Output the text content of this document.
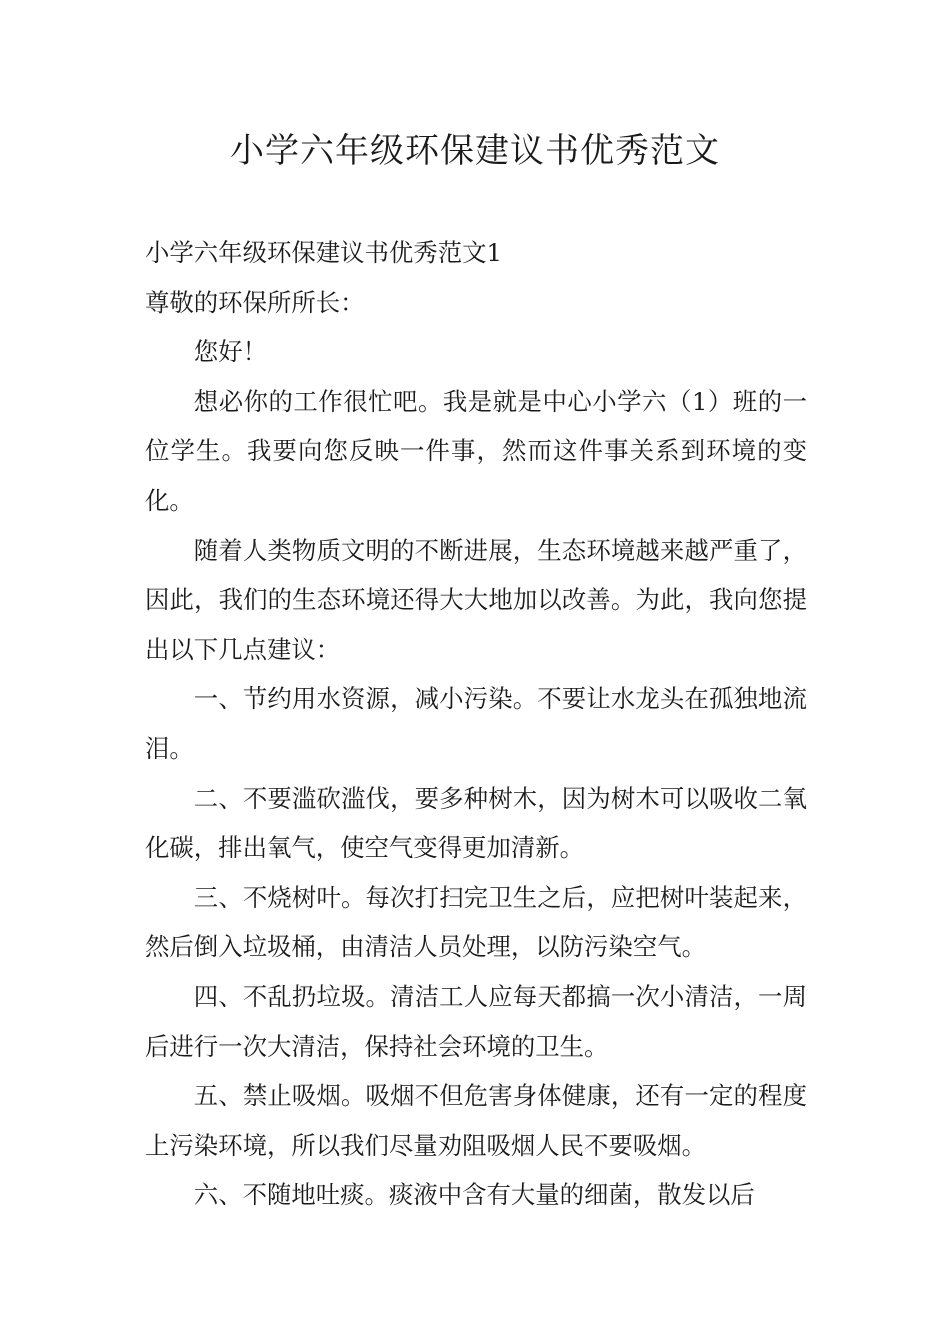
小学六年级环保建议书优秀范文

小学六年级环保建议书优秀范文1

尊敬的环保所所长：

您好！

想必你的工作很忙吧。我是就是中心小学六（1）班的一位学生。我要向您反映一件事，然而这件事关系到环境的变化。

随着人类物质文明的不断进展，生态环境越来越严重了，因此，我们的生态环境还得大大地加以改善。为此，我向您提出以下几点建议：

一、节约用水资源，减小污染。不要让水龙头在孤独地流泪。

二、不要滥砍滥伐，要多种树木，因为树木可以吸收二氧化碳，排出氧气，使空气变得更加清新。

三、不烧树叶。每次打扫完卫生之后，应把树叶装起来，然后倒入垃圾桶，由清洁人员处理，以防污染空气。

四、不乱扔垃圾。清洁工人应每天都搞一次小清洁，一周后进行一次大清洁，保持社会环境的卫生。

五、禁止吸烟。吸烟不但危害身体健康，还有一定的程度上污染环境，所以我们尽量劝阻吸烟人民不要吸烟。

六、不随地吐痰。痰液中含有大量的细菌，散发以后
